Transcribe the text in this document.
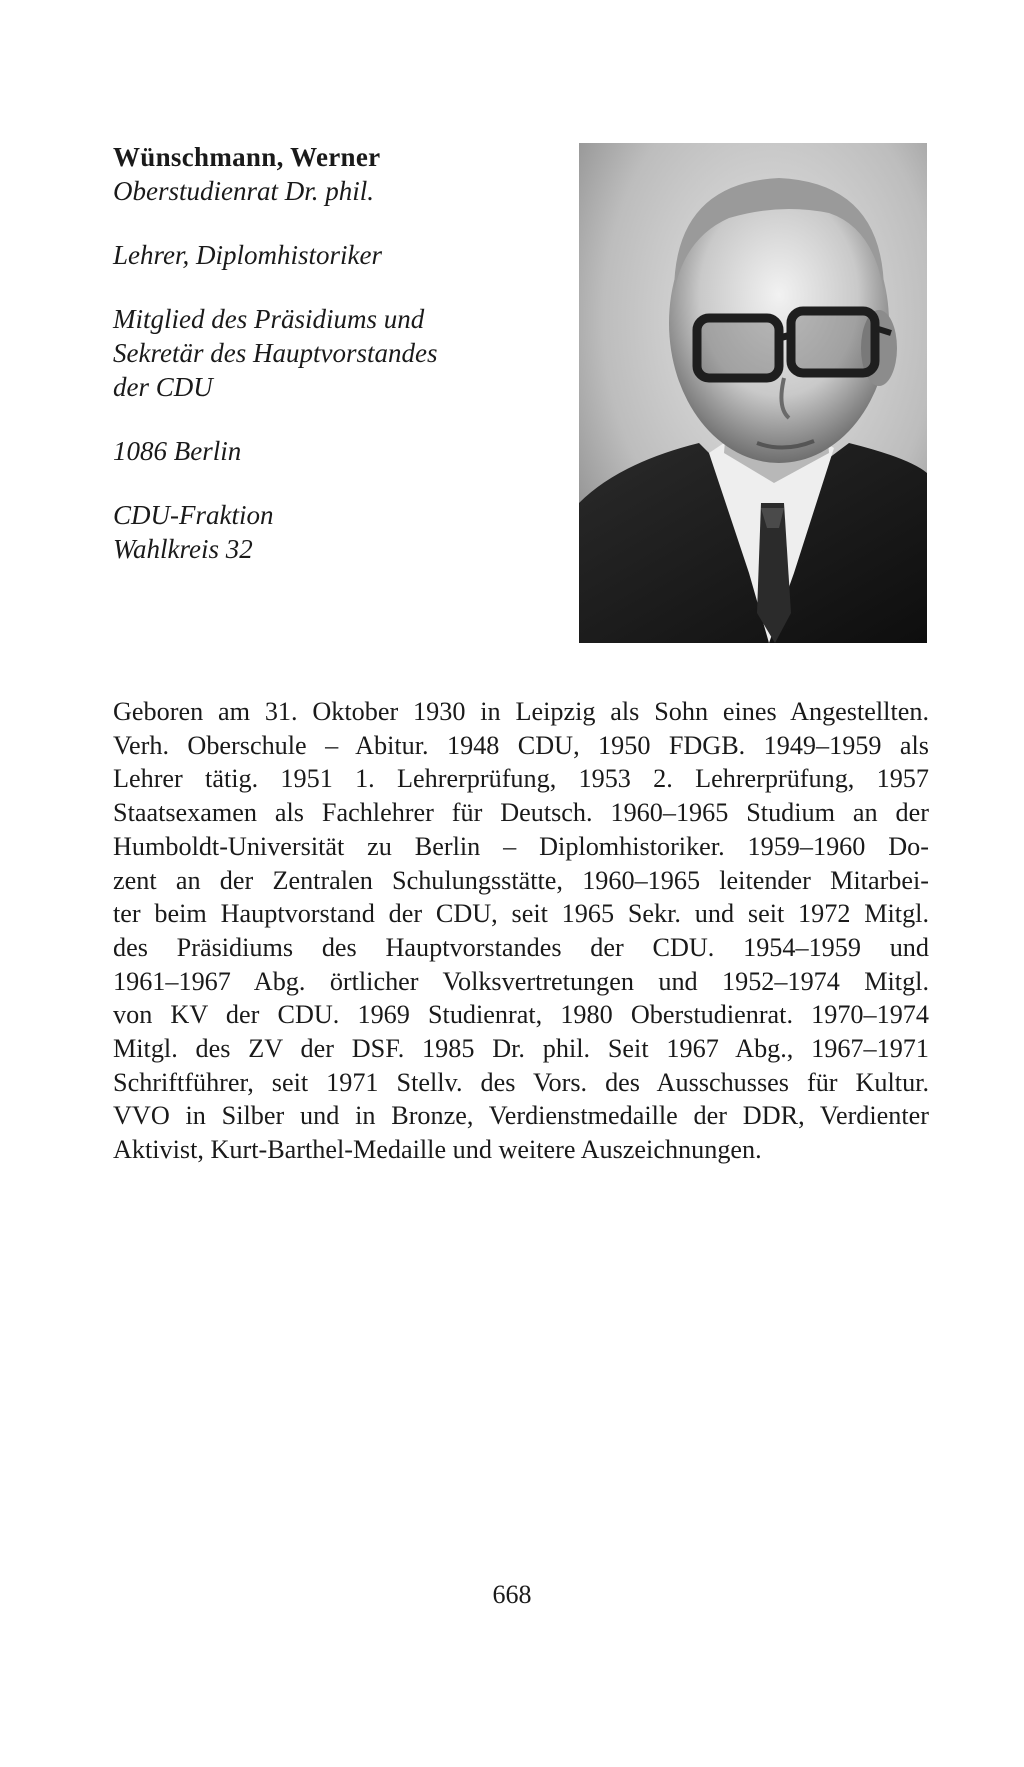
Wünschmann, Werner
Oberstudienrat Dr. phil.
Lehrer, Diplomhistoriker
Mitglied des Präsidiums und
Sekretär des Hauptvorstandes
der CDU
1086 Berlin
CDU-Fraktion
Wahlkreis 32
Geboren am 31. Oktober 1930 in Leipzig als Sohn eines Angestellten.
Verh. Oberschule – Abitur. 1948 CDU, 1950 FDGB. 1949–1959 als
Lehrer tätig. 1951 1. Lehrerprüfung, 1953 2. Lehrerprüfung, 1957
Staatsexamen als Fachlehrer für Deutsch. 1960–1965 Studium an der
Humboldt-Universität zu Berlin – Diplomhistoriker. 1959–1960 Do-
zent an der Zentralen Schulungsstätte, 1960–1965 leitender Mitarbei-
ter beim Hauptvorstand der CDU, seit 1965 Sekr. und seit 1972 Mitgl.
des Präsidiums des Hauptvorstandes der CDU. 1954–1959 und
1961–1967 Abg. örtlicher Volksvertretungen und 1952–1974 Mitgl.
von KV der CDU. 1969 Studienrat, 1980 Oberstudienrat. 1970–1974
Mitgl. des ZV der DSF. 1985 Dr. phil. Seit 1967 Abg., 1967–1971
Schriftführer, seit 1971 Stellv. des Vors. des Ausschusses für Kultur.
VVO in Silber und in Bronze, Verdienstmedaille der DDR, Verdienter
Aktivist, Kurt-Barthel-Medaille und weitere Auszeichnungen.
668
